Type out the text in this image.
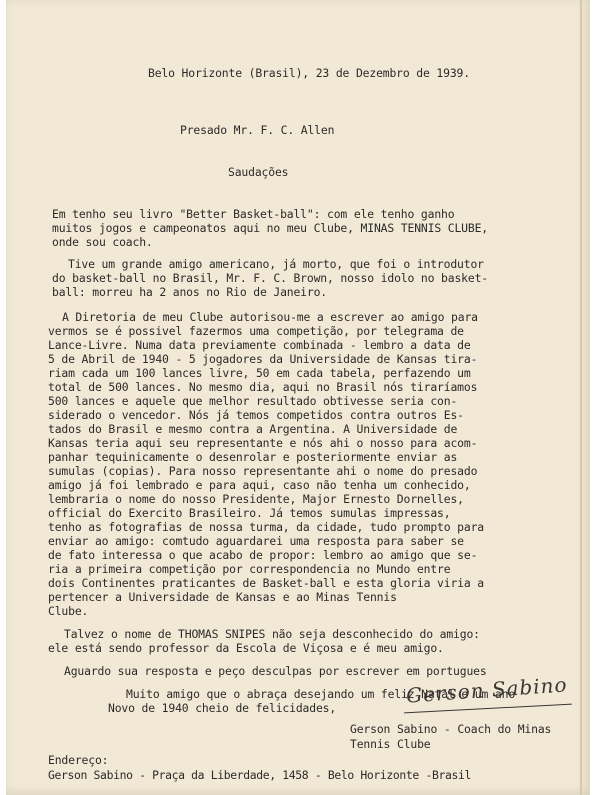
Belo Horizonte (Brasil), 23 de Dezembro de 1939.
Presado Mr. F. C. Allen
Saudações
Em tenho seu livro "Better Basket-ball": com ele tenho ganho
muitos jogos e campeonatos aqui no meu Clube, MINAS TENNIS CLUBE,
onde sou coach.
Tive um grande amigo americano, já morto, que foi o introdutor
do basket-ball no Brasil, Mr. F. C. Brown, nosso idolo no basket-
ball: morreu ha 2 anos no Rio de Janeiro.
A Diretoria de meu Clube autorisou-me a escrever ao amigo para
vermos se é possivel fazermos uma competição, por telegrama de
Lance-Livre. Numa data previamente combinada - lembro a data de
5 de Abril de 1940 - 5 jogadores da Universidade de Kansas tira-
riam cada um 100 lances livre, 50 em cada tabela, perfazendo um
total de 500 lances. No mesmo dia, aqui no Brasil nós tiraríamos
500 lances e aquele que melhor resultado obtivesse seria con-
siderado o vencedor. Nós já temos competidos contra outros Es-
tados do Brasil e mesmo contra a Argentina. A Universidade de
Kansas teria aqui seu representante e nós ahi o nosso para acom-
panhar tequinicamente o desenrolar e posteriormente enviar as
sumulas (copias). Para nosso representante ahi o nome do presado
amigo já foi lembrado e para aqui, caso não tenha um conhecido,
lembraria o nome do nosso Presidente, Major Ernesto Dornelles,
official do Exercito Brasileiro. Já temos sumulas impressas,
tenho as fotografias de nossa turma, da cidade, tudo prompto para
enviar ao amigo: comtudo aguardarei uma resposta para saber se
de fato interessa o que acabo de propor: lembro ao amigo que se-
ria a primeira competição por correspondencia no Mundo entre
dois Continentes praticantes de Basket-ball e esta gloria viria a
pertencer a Universidade de Kansas e ao Minas Tennis
Clube.
Talvez o nome de THOMAS SNIPES não seja desconhecido do amigo:
ele está sendo professor da Escola de Viçosa e é meu amigo.
Aguardo sua resposta e peço desculpas por escrever em portugues
Muito amigo que o abraça desejando um feliz Natal e um ano
Novo de 1940 cheio de felicidades,
Gerson Sabino
Gerson Sabino - Coach do Minas
Tennis Clube
Endereço:
Gerson Sabino - Praça da Liberdade, 1458 - Belo Horizonte -Brasil
